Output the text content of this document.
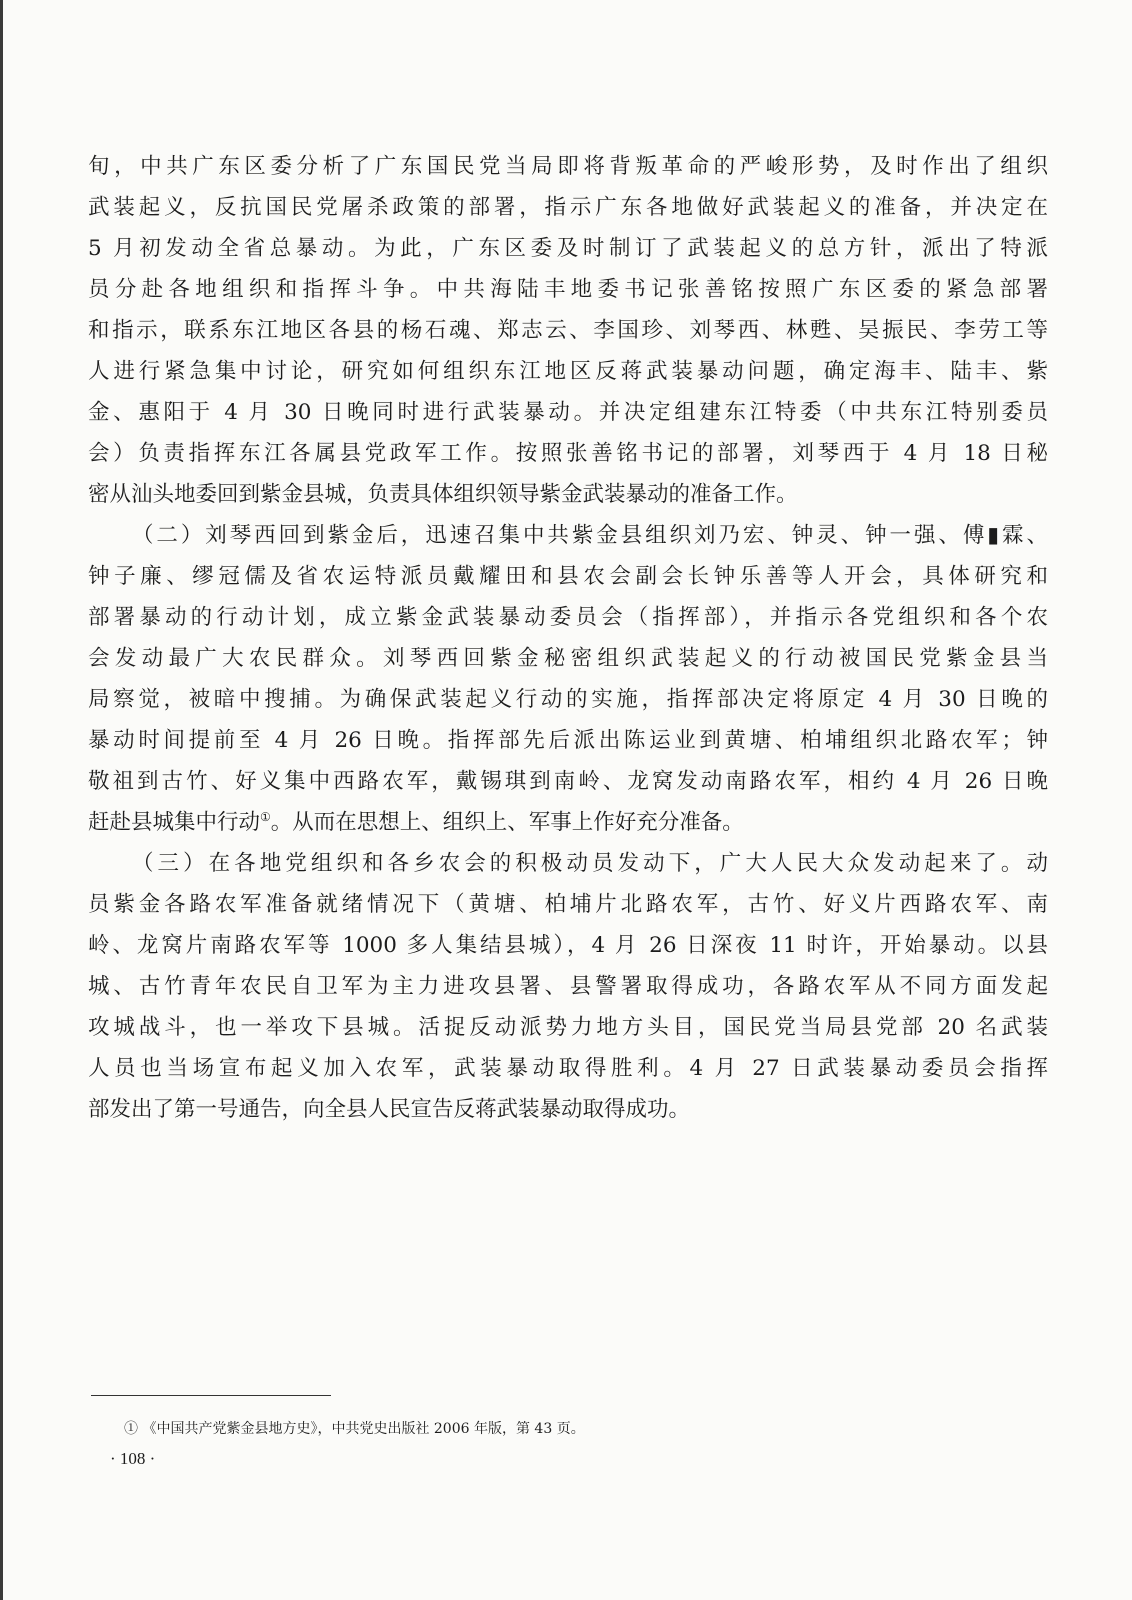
旬，中共广东区委分析了广东国民党当局即将背叛革命的严峻形势，及时作出了组织
武装起义，反抗国民党屠杀政策的部署，指示广东各地做好武装起义的准备，并决定在
5 月初发动全省总暴动。为此，广东区委及时制订了武装起义的总方针，派出了特派
员分赴各地组织和指挥斗争。中共海陆丰地委书记张善铭按照广东区委的紧急部署
和指示，联系东江地区各县的杨石魂、郑志云、李国珍、刘琴西、林甦、吴振民、李劳工等
人进行紧急集中讨论，研究如何组织东江地区反蒋武装暴动问题，确定海丰、陆丰、紫
金、惠阳于 4 月 30 日晚同时进行武装暴动。并决定组建东江特委（中共东江特别委员
会）负责指挥东江各属县党政军工作。按照张善铭书记的部署，刘琴西于 4 月 18 日秘
密从汕头地委回到紫金县城，负责具体组织领导紫金武装暴动的准备工作。
（二）刘琴西回到紫金后，迅速召集中共紫金县组织刘乃宏、钟灵、钟一强、傅▮霖、
钟子廉、缪冠儒及省农运特派员戴耀田和县农会副会长钟乐善等人开会，具体研究和
部署暴动的行动计划，成立紫金武装暴动委员会（指挥部），并指示各党组织和各个农
会发动最广大农民群众。刘琴西回紫金秘密组织武装起义的行动被国民党紫金县当
局察觉，被暗中搜捕。为确保武装起义行动的实施，指挥部决定将原定 4 月 30 日晚的
暴动时间提前至 4 月 26 日晚。指挥部先后派出陈运业到黄塘、柏埔组织北路农军；钟
敬祖到古竹、好义集中西路农军，戴锡琪到南岭、龙窝发动南路农军，相约 4 月 26 日晚
赶赴县城集中行动①。从而在思想上、组织上、军事上作好充分准备。
（三）在各地党组织和各乡农会的积极动员发动下，广大人民大众发动起来了。动
员紫金各路农军准备就绪情况下（黄塘、柏埔片北路农军，古竹、好义片西路农军、南
岭、龙窝片南路农军等 1000 多人集结县城），4 月 26 日深夜 11 时许，开始暴动。以县
城、古竹青年农民自卫军为主力进攻县署、县警署取得成功，各路农军从不同方面发起
攻城战斗，也一举攻下县城。活捉反动派势力地方头目，国民党当局县党部 20 名武装
人员也当场宣布起义加入农军，武装暴动取得胜利。4 月 27 日武装暴动委员会指挥
部发出了第一号通告，向全县人民宣告反蒋武装暴动取得成功。
① 《中国共产党紫金县地方史》，中共党史出版社 2006 年版，第 43 页。
· 108 ·
